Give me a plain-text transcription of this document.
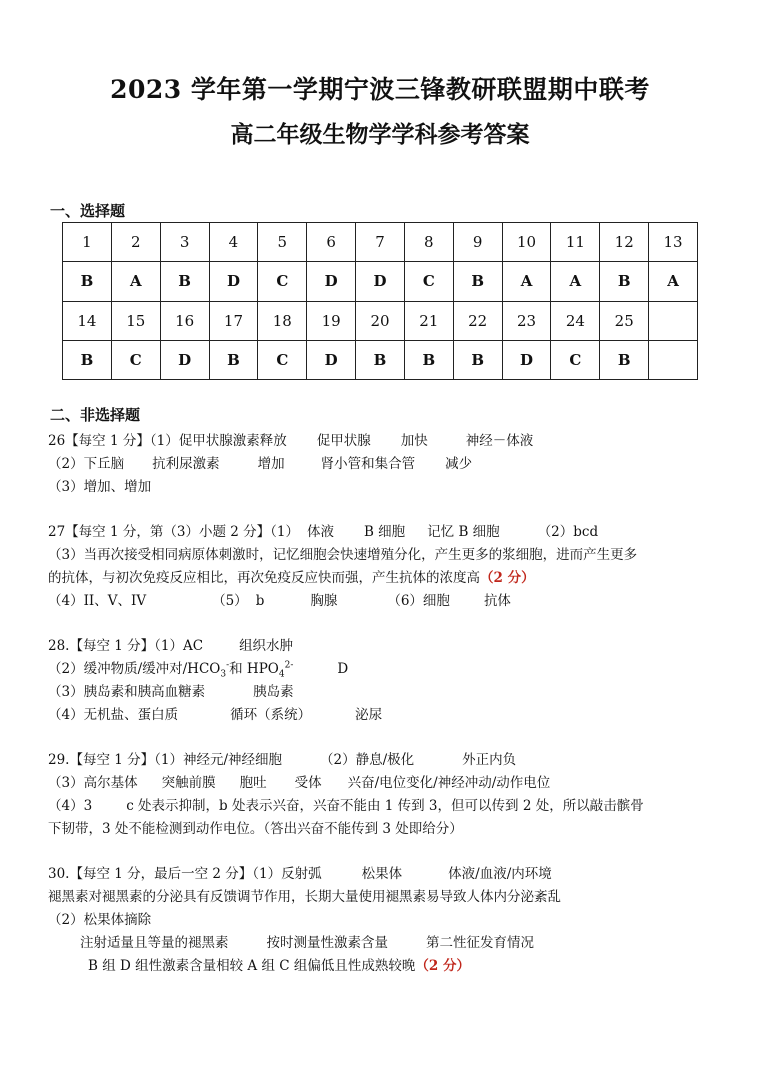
2023 学年第一学期宁波三锋教研联盟期中联考
高二年级生物学学科参考答案
一、选择题
1	2	3	4	5	6	7	8	9	10	11	12	13
B	A	B	D	C	D	D	C	B	A	A	B	A
14	15	16	17	18	19	20	21	22	23	24	25	
B	C	D	B	C	D	B	B	B	D	C	B	
二、非选择题
26【每空 1 分】（1）促甲状腺激素释放 促甲状腺 加快	神经－体液
（2）下丘脑 抗利尿激素	增加	肾小管和集合管 减少
（3）增加、增加
27【每空 1 分，第（3）小题 2 分】（1） 体液 B 细胞 记忆 B 细胞	（2）bcd
（3）当再次接受相同病原体刺激时，记忆细胞会快速增殖分化，产生更多的浆细胞，进而产生更多
的抗体，与初次免疫反应相比，再次免疫反应快而强，产生抗体的浓度高（2 分）
（4）II、V、IV	（5） b	胸腺	（6）细胞	抗体
28.【每空 1 分】（1）AC	组织水肿
（2）缓冲物质/缓冲对$/HCO_3^-$和 $HPO_4^{2-}$	D
（3）胰岛素和胰高血糖素	胰岛素
（4）无机盐、蛋白质	循环（系统）	泌尿
29.【每空 1 分】（1）神经元/神经细胞	（2）静息/极化	外正内负
（3）高尔基体 突触前膜 胞吐 受体 兴奋/电位变化/神经冲动/动作电位
（4）3	c 处表示抑制，b 处表示兴奋，兴奋不能由 1 传到 3，但可以传到 2 处，所以敲击髌骨
下韧带，3 处不能检测到动作电位。（答出兴奋不能传到 3 处即给分）
30.【每空 1 分，最后一空 2 分】（1）反射弧	松果体	体液/血液/内环境
褪黑素对褪黑素的分泌具有反馈调节作用，长期大量使用褪黑素易导致人体内分泌紊乱
（2）松果体摘除
注射适量且等量的褪黑素	按时测量性激素含量	第二性征发育情况
B 组 D 组性激素含量相较 A 组 C 组偏低且性成熟较晚（2 分）
